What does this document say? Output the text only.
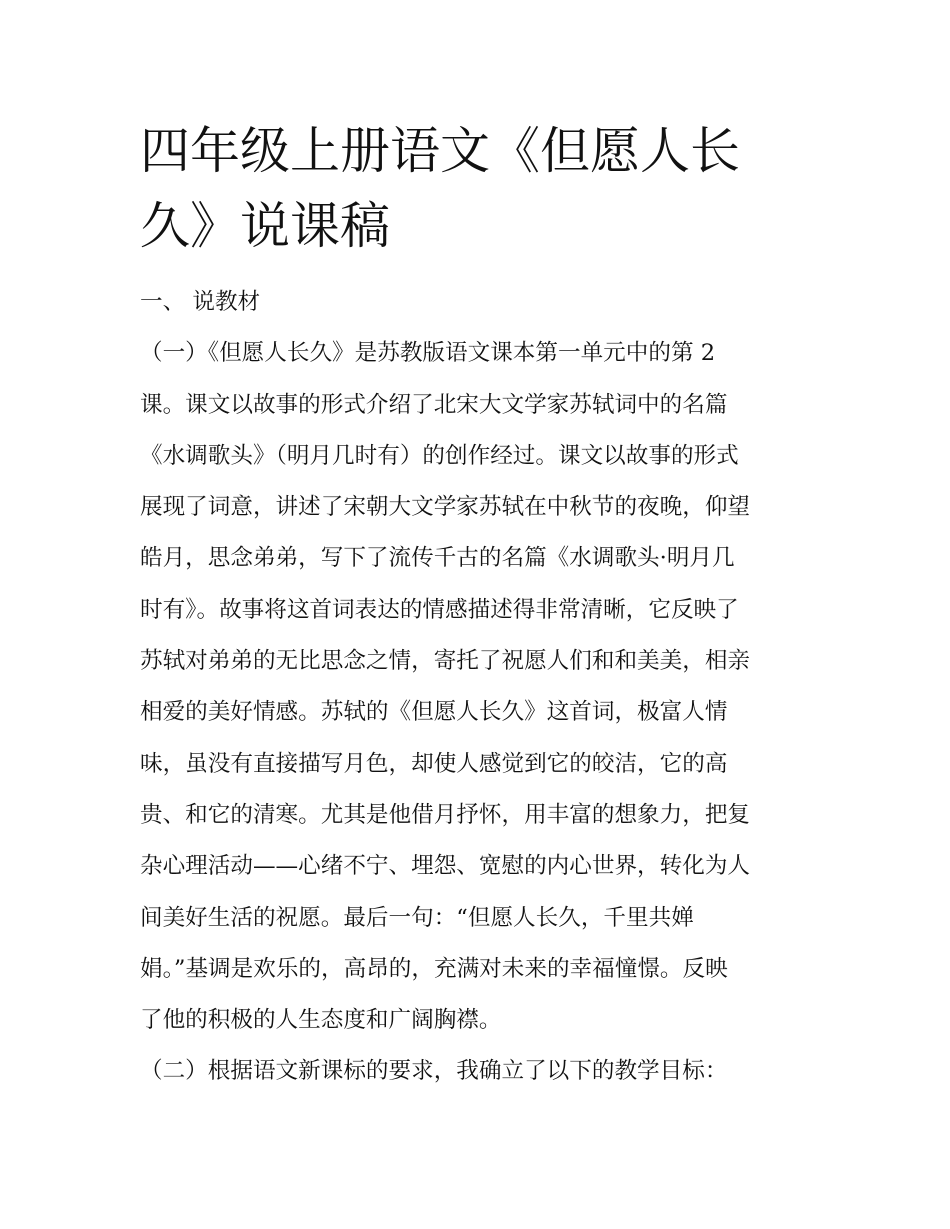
四年级上册语文《但愿人长
久》说课稿
一、 说教材
（一）《但愿人长久》是苏教版语文课本第一单元中的第 2
课。课文以故事的形式介绍了北宋大文学家苏轼词中的名篇
《水调歌头》（明月几时有）的创作经过。课文以故事的形式
展现了词意，讲述了宋朝大文学家苏轼在中秋节的夜晚，仰望
皓月，思念弟弟，写下了流传千古的名篇《水调歌头·明月几
时有》。故事将这首词表达的情感描述得非常清晰，它反映了
苏轼对弟弟的无比思念之情，寄托了祝愿人们和和美美，相亲
相爱的美好情感。苏轼的《但愿人长久》这首词，极富人情
味，虽没有直接描写月色，却使人感觉到它的皎洁，它的高
贵、和它的清寒。尤其是他借月抒怀，用丰富的想象力，把复
杂心理活动——心绪不宁、埋怨、宽慰的内心世界，转化为人
间美好生活的祝愿。最后一句：“但愿人长久，千里共婵
娟。”基调是欢乐的，高昂的，充满对未来的幸福憧憬。反映
了他的积极的人生态度和广阔胸襟。
（二）根据语文新课标的要求，我确立了以下的教学目标：
